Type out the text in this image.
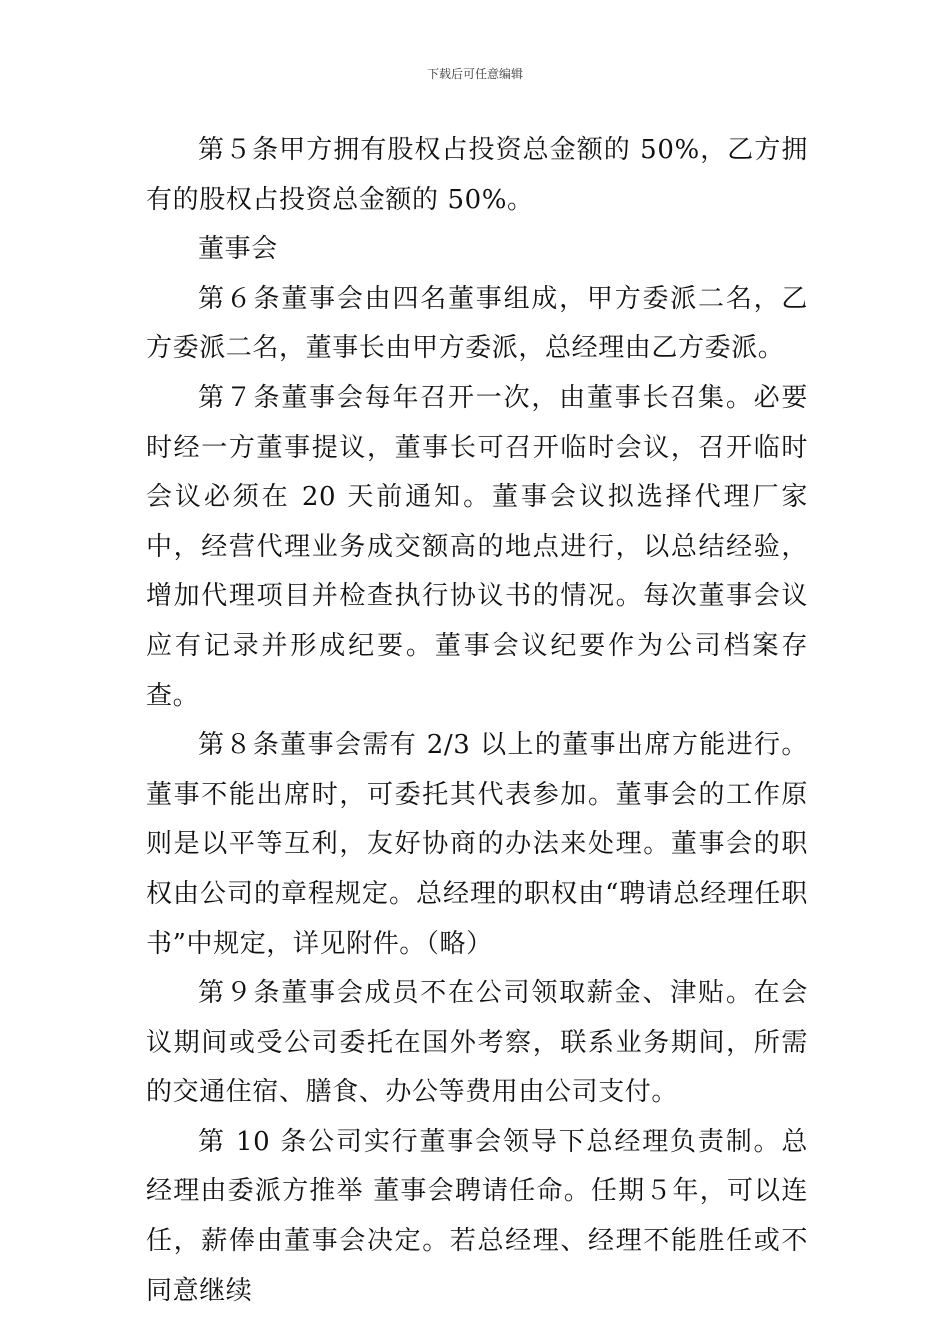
下载后可任意编辑

第５条甲方拥有股权占投资总金额的 50%，乙方拥有的股权占投资总金额的 50%。

董事会

第６条董事会由四名董事组成，甲方委派二名，乙方委派二名，董事长由甲方委派，总经理由乙方委派。

第７条董事会每年召开一次，由董事长召集。必要时经一方董事提议，董事长可召开临时会议，召开临时会议必须在 20 天前通知。董事会议拟选择代理厂家中，经营代理业务成交额高的地点进行，以总结经验，增加代理项目并检查执行协议书的情况。每次董事会议应有记录并形成纪要。董事会议纪要作为公司档案存查。

第８条董事会需有 2/3 以上的董事出席方能进行。董事不能出席时，可委托其代表参加。董事会的工作原则是以平等互利，友好协商的办法来处理。董事会的职权由公司的章程规定。总经理的职权由“聘请总经理任职书”中规定，详见附件。（略）

第９条董事会成员不在公司领取薪金、津贴。在会议期间或受公司委托在国外考察，联系业务期间，所需的交通住宿、膳食、办公等费用由公司支付。

第 10 条公司实行董事会领导下总经理负责制。总经理由委派方推举 董事会聘请任命。任期５年，可以连任，薪俸由董事会决定。若总经理、经理不能胜任或不同意继续
